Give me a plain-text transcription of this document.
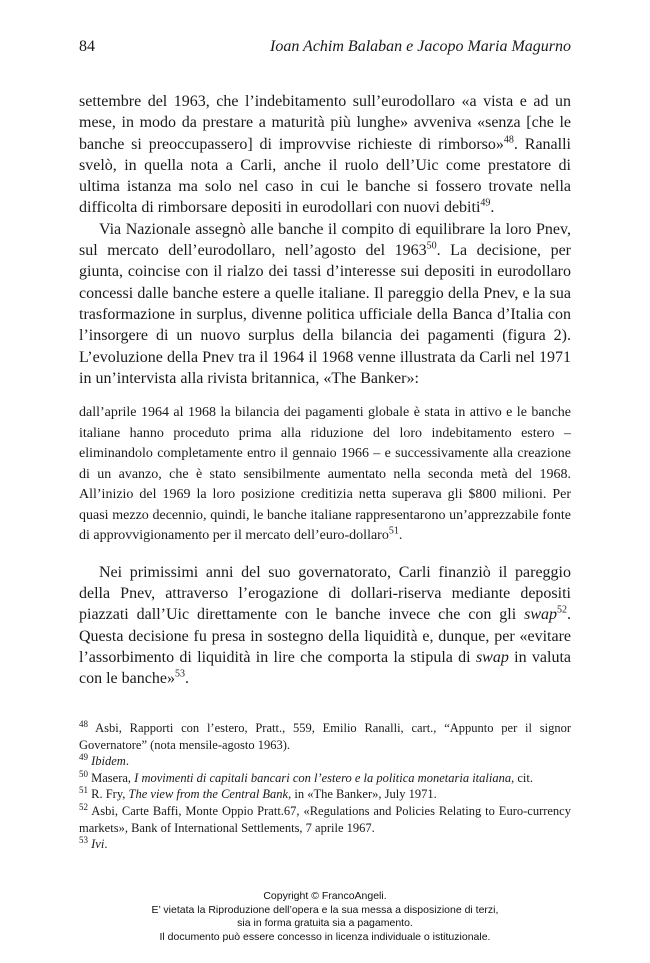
84	Ioan Achim Balaban e Jacopo Maria Magurno

settembre del 1963, che l’indebitamento sull’eurodollaro «a vista e ad un mese, in modo da prestare a maturità più lunghe» avveniva «senza [che le banche si preoccupassero] di improvvise richieste di rimborso»$^{48}$. Ranalli svelò, in quella nota a Carli, anche il ruolo dell’Uic come prestatore di ultima istanza ma solo nel caso in cui le banche si fossero trovate nella difficolta di rimborsare depositi in eurodollari con nuovi debiti$^{49}$.

Via Nazionale assegnò alle banche il compito di equilibrare la loro Pnev, sul mercato dell’eurodollaro, nell’agosto del 1963$^{50}$. La decisione, per giunta, coincise con il rialzo dei tassi d’interesse sui depositi in eurodollaro concessi dalle banche estere a quelle italiane. Il pareggio della Pnev, e la sua trasformazione in surplus, divenne politica ufficiale della Banca d’Italia con l’insorgere di un nuovo surplus della bilancia dei pagamenti (figura 2). L’evoluzione della Pnev tra il 1964 il 1968 venne illustrata da Carli nel 1971 in un’intervista alla rivista britannica, «The Banker»:

dall’aprile 1964 al 1968 la bilancia dei pagamenti globale è stata in attivo e le banche italiane hanno proceduto prima alla riduzione del loro indebitamento estero – eliminandolo completamente entro il gennaio 1966 – e successivamente alla creazione di un avanzo, che è stato sensibilmente aumentato nella seconda metà del 1968. All’inizio del 1969 la loro posizione creditizia netta superava gli $800 milioni. Per quasi mezzo decennio, quindi, le banche italiane rappresentarono un’apprezzabile fonte di approvvigionamento per il mercato dell’euro-dollaro$^{51}$.

Nei primissimi anni del suo governatorato, Carli finanziò il pareggio della Pnev, attraverso l’erogazione di dollari-riserva mediante depositi piazzati dall’Uic direttamente con le banche invece che con gli swap$^{52}$. Questa decisione fu presa in sostegno della liquidità e, dunque, per «evitare l’assorbimento di liquidità in lire che comporta la stipula di swap in valuta con le banche»$^{53}$.

$^{48}$ Asbi, Rapporti con l’estero, Pratt., 559, Emilio Ranalli, cart., “Appunto per il signor Governatore” (nota mensile-agosto 1963).

$^{49}$ Ibidem.

$^{50}$ Masera, I movimenti di capitali bancari con l’estero e la politica monetaria italiana, cit.

$^{51}$ R. Fry, The view from the Central Bank, in «The Banker», July 1971.

$^{52}$ Asbi, Carte Baffi, Monte Oppio Pratt.67, «Regulations and Policies Relating to Euro-currency markets», Bank of International Settlements, 7 aprile 1967.

$^{53}$ Ivi.

Copyright © FrancoAngeli.
E’ vietata la Riproduzione dell’opera e la sua messa a disposizione di terzi,
sia in forma gratuita sia a pagamento.
Il documento può essere concesso in licenza individuale o istituzionale.
